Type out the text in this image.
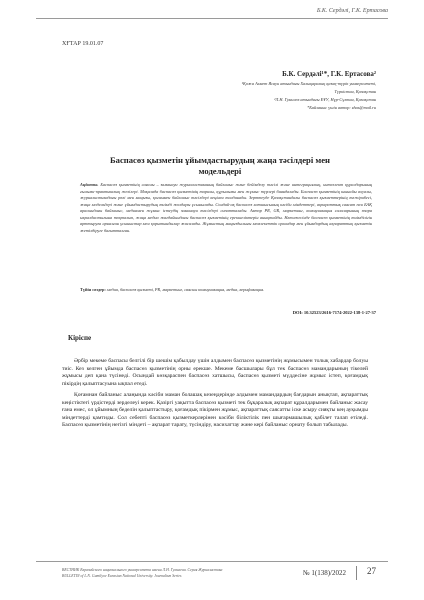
Б.К. Сердәлі, Г.К. Ертасова
ХҒТАР 19.01.07
Б.К. Сердәлі¹*, Г.К. Ертасова²
¹Қожа Ахмет Ясауи атындағы Халықаралық қазақ-түрік университеті,
Түркістан, Қазақстан
²Л.Н. Гумилев атындағы ЕҰУ, Нұр-Сұлтан, Қазақстан
*Байланыс үшін автор: zhas@mail.ru
Баспасөз қызметін ұйымдастырудың жаңа тәсілдері мен
модельдері
Аңдатпа. Баспасөз қызметінің саясиы – заманауи журналистиканың байланыс және бейімделу тәсілі және интеграциялық, интеллект құралдарының ғылыми-практикалық желілері. Мақалада баспасөз қызметінің тарихы, құрылымы мен жұмыс түрлері баяндалады. Баспасөз қызметінің шынайы ахуалы, журналистикадағы рөлі мен маңызы, қоғаммен байланыс тәсілдері кеңінен талданады. Зерттеуде Қазақстандағы баспасөз қызметтерінің тәжірибесі, жаңа модельдері және ұйымдастырудың тиімді жолдары ұсынылады. Сондай-ақ баспасөз хатшысының кәсіби міндеттері, ақпараттық саясат пен БАҚ арасындағы байланыс, медиамен жұмыс істеудің заманауи тәсілдері сипатталады. Автор PR, GR, маркетинг, коммуникация салаларының өзара ықпалдастығына тоқталып, жаңа медиа жағдайындағы баспасөз қызметінің ерекшеліктерін анықтайды. Нәтижесінде баспасөз қызметінің тиімділігін арттыруға арналған ұсыныстар мен қорытындылар жасалады. Жұмыстың маңыздылығы мемлекеттік органдар мен ұйымдардың ақпараттық қызметін жетілдіруге бағытталған.
Түйін сөздер: медиа, баспасөз қызметі, PR, маркетинг, саясиы коммуникация, медиа, верификация.
DOI: 10.32523/2616-7174-2022-138-1-27-37
Кіріспе

Әрбір мекеме баспасы белгілі бір шешім қабылдау үшін алдымен баспасөз қызметінің жұмысымен толық хабардар болуы тиіс. Кез келген ұйымда баспасөз қызметінің орны ерекше. Мекеме басшылары бұл тек баспасөз мамандарының тікелей жұмысы деп қана түсінеді. Осындай көзқараспен баспасөз хатшысы, баспасөз қызметі мүддесіне жұмыс істеп, қоғамдық пікірдің қалыптасуына ықпал етеді.

Қоғамнан байланыс алаңында кәсіби маман болашақ кезеңдерінде алдымен мамандардың бағдарын анықтап, ақпараттық кеңістіктегі үрдістерді зерделеуі керек. Қазіргі уақытта баспасөз қызметі тек бұқаралық ақпарат құралдарымен байланыс жасау ғана емес, ол ұйымның беделін қалыптастыру, қоғамдық пікірмен жұмыс, ақпараттық саясатты іске асыру сияқты кең ауқымды міндеттерді қамтиды. Сол себепті баспасөз қызметкерлерінен кәсіби біліктілік пен шығармашылық қабілет талап етіледі. Баспасөз қызметінің негізгі міндеті – ақпарат тарату, түсіндіру, насихаттау және кері байланыс орнату болып табылады.

ВЕСТНИК Евразийского национального университета имени Л.Н. Гумилева. Серия Журналистика
BULLETIN of L.N. Gumilyov Eurasian National University. Journalism Series	№ 1(138)/2022 27
